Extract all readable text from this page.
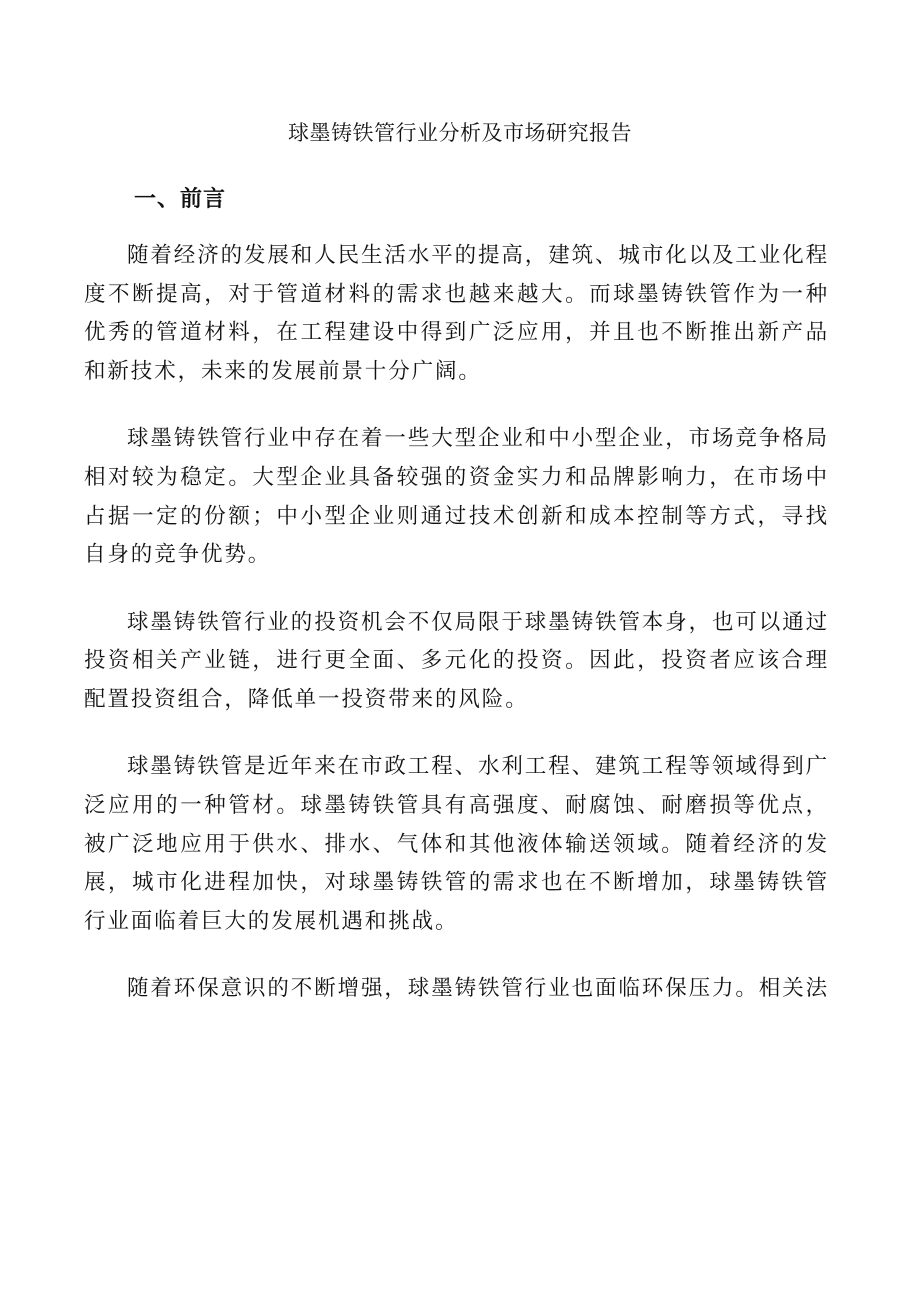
球墨铸铁管行业分析及市场研究报告
一、前言

随着经济的发展和人民生活水平的提高，建筑、城市化以及工业化程度不断提高，对于管道材料的需求也越来越大。而球墨铸铁管作为一种优秀的管道材料，在工程建设中得到广泛应用，并且也不断推出新产品和新技术，未来的发展前景十分广阔。

球墨铸铁管行业中存在着一些大型企业和中小型企业，市场竞争格局相对较为稳定。大型企业具备较强的资金实力和品牌影响力，在市场中占据一定的份额；中小型企业则通过技术创新和成本控制等方式，寻找自身的竞争优势。

球墨铸铁管行业的投资机会不仅局限于球墨铸铁管本身，也可以通过投资相关产业链，进行更全面、多元化的投资。因此，投资者应该合理配置投资组合，降低单一投资带来的风险。

球墨铸铁管是近年来在市政工程、水利工程、建筑工程等领域得到广泛应用的一种管材。球墨铸铁管具有高强度、耐腐蚀、耐磨损等优点，被广泛地应用于供水、排水、气体和其他液体输送领域。随着经济的发展，城市化进程加快，对球墨铸铁管的需求也在不断增加，球墨铸铁管行业面临着巨大的发展机遇和挑战。

随着环保意识的不断增强，球墨铸铁管行业也面临环保压力。相关法
